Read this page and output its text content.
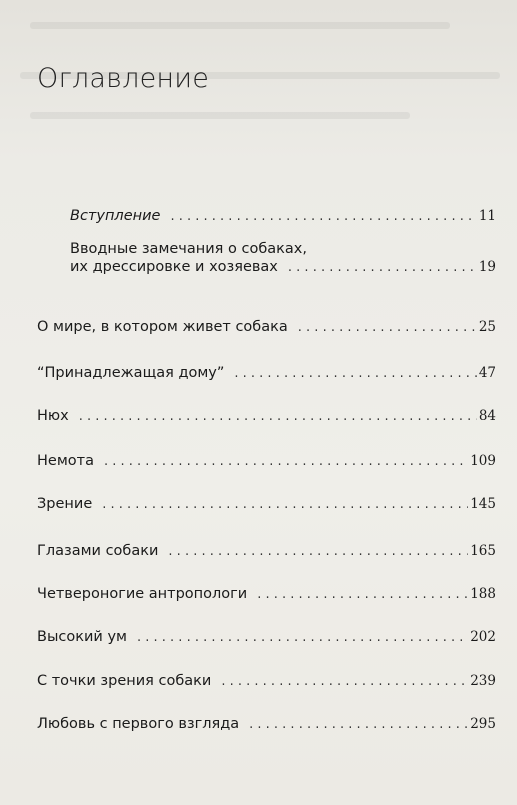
Оглавление
Вступление . . .	11
Вводные замечания о собаках,
их дрессировке и хозяевах . . .	19
О мире, в котором живет собака . . .	25
“Принадлежащая дому” . . .	47
Нюх . . .	84
Немота . . .	109
Зрение . . .	145
Глазами собаки . . .	165
Четвероногие антропологи . . .	188
Высокий ум . . .	202
С точки зрения собаки . . .	239
Любовь с первого взгляда . . .	295
